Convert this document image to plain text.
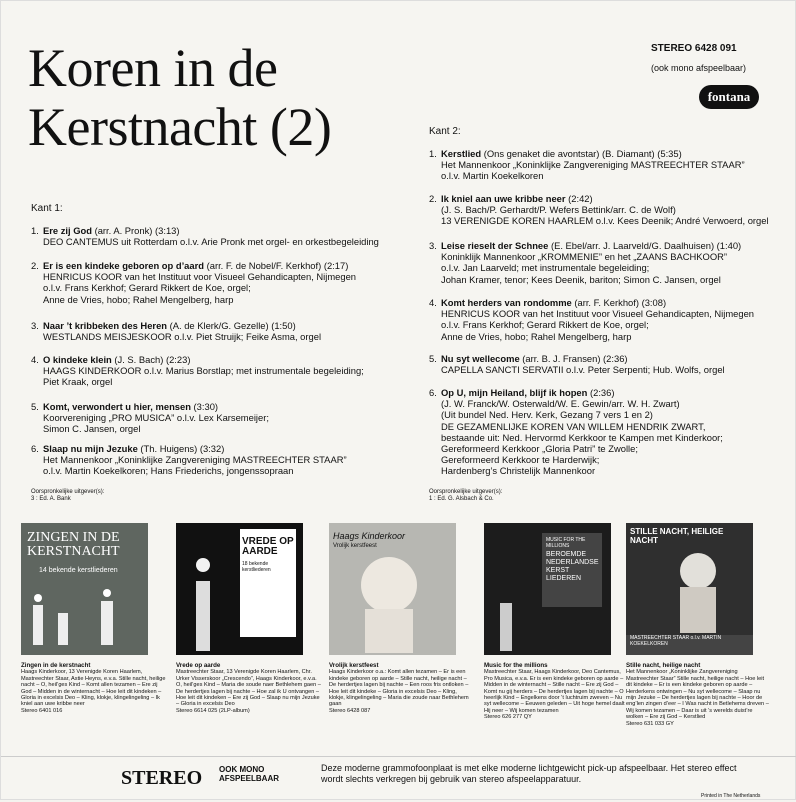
Koren in de
Kerstnacht (2)
STEREO 6428 091
(ook mono afspeelbaar)
fontana
Kant 1:
Kant 2:
1. Ere zij God (arr. A. Pronk) (3:13)
DEO CANTEMUS uit Rotterdam o.l.v. Arie Pronk met orgel- en orkestbegeleiding
2. Er is een kindeke geboren op d’aard (arr. F. de Nobel/F. Kerkhof) (2:17)
HENRICUS KOOR van het Instituut voor Visueel Gehandicapten, Nijmegen
o.l.v. Frans Kerkhof; Gerard Rikkert de Koe, orgel;
Anne de Vries, hobo; Rahel Mengelberg, harp
3. Naar ’t kribbeken des Heren (A. de Klerk/G. Gezelle) (1:50)
WESTLANDS MEISJESKOOR o.l.v. Piet Struijk; Feike Asma, orgel
4. O kindeke klein (J. S. Bach) (2:23)
HAAGS KINDERKOOR o.l.v. Marius Borstlap; met instrumentale begeleiding;
Piet Kraak, orgel
5. Komt, verwondert u hier, mensen (3:30)
Koorvereniging „PRO MUSICA” o.l.v. Lex Karsemeijer;
Simon C. Jansen, orgel
6. Slaap nu mijn Jezuke (Th. Huigens) (3:32)
Het Mannenkoor „Koninklijke Zangvereniging MASTREECHTER STAAR”
o.l.v. Martin Koekelkoren; Hans Friederichs, jongenssopraan
1. Kerstlied (Ons genaket die avontstar) (B. Diamant) (5:35)
Het Mannenkoor „Koninklijke Zangvereniging MASTREECHTER STAAR”
o.l.v. Martin Koekelkoren
2. Ik kniel aan uwe kribbe neer (2:42)
(J. S. Bach/P. Gerhardt/P. Wefers Bettink/arr. C. de Wolf)
13 VERENIGDE KOREN HAARLEM o.l.v. Kees Deenik; André Verwoerd, orgel
3. Leise rieselt der Schnee (E. Ebel/arr. J. Laarveld/G. Daalhuisen) (1:40)
Koninklijk Mannenkoor „KROMMENIE” en het „ZAANS BACHKOOR”
o.l.v. Jan Laarveld; met instrumentale begeleiding;
Johan Kramer, tenor; Kees Deenik, bariton; Simon C. Jansen, orgel
4. Komt herders van rondomme (arr. F. Kerkhof) (3:08)
HENRICUS KOOR van het Instituut voor Visueel Gehandicapten, Nijmegen
o.l.v. Frans Kerkhof; Gerard Rikkert de Koe, orgel;
Anne de Vries, hobo; Rahel Mengelberg, harp
5. Nu syt wellecome (arr. B. J. Fransen) (2:36)
CAPELLA SANCTI SERVATII o.l.v. Peter Serpenti; Hub. Wolfs, orgel
6. Op U, mijn Heiland, blijf ik hopen (2:36)
(J. W. Franck/W. Osterwald/W. E. Gewin/arr. W. H. Zwart)
(Uit bundel Ned. Herv. Kerk, Gezang 7 vers 1 en 2)
DE GEZAMENLIJKE KOREN VAN WILLEM HENDRIK ZWART,
bestaande uit: Ned. Hervormd Kerkkoor te Kampen met Kinderkoor;
Gereformeerd Kerkkoor „Gloria Patri” te Zwolle;
Gereformeerd Kerkkoor te Harderwijk;
Hardenberg’s Christelijk Mannenkoor
Oorspronkelijke uitgever(s):
3 : Ed. A. Bank
Oorspronkelijke uitgever(s):
1 : Ed. G. Alsbach & Co.
ZINGEN IN DE KERSTNACHT
14 bekende kerstliederen
VREDE OP AARDE
18 bekende kerstliederen
Haags Kinderkoor
Vrolijk kerstfeest
MUSIC FOR THE MILLIONS
BEROEMDE NEDERLANDSE KERST LIEDEREN
STILLE NACHT, HEILIGE NACHT
MASTREECHTER STAAR o.l.v. MARTIN KOEKELKOREN
Zingen in de kerstnacht
Haags Kinderkoor, 13 Verenigde Koren Haarlem, Mastreechter Staar, Astie Heyns, e.v.a. Stille nacht, heilige nacht – O, heil’ges Kind – Komt allen tezamen – Ere zij God – Midden in de winternacht – Hoe leit dit kindeken – Gloria in excelsis Deo – Kling, klokje, klingelingeling – Ik kniel aan uwe kribbe neer
Stereo 6401 016
Vrede op aarde
Mastreechter Staar, 13 Verenigde Koren Haarlem, Chr. Urker Visserskoor „Crescendo”, Haags Kinderkoor, e.v.a. O, heil’ges Kind – Maria die soude naer Bethlehem gaen – De herdertjes lagen bij nachte – Hoe zal ik U ontvangen – Hoe leit dit kindeken – Ere zij God – Slaap nu mijn Jezuke – Gloria in excelsis Deo
Stereo 6614 025 (2LP-album)
Vrolijk kerstfeest
Haags Kinderkoor o.a.: Komt allen tezamen – Er is een kindeke geboren op aarde – Stille nacht, heilige nacht – De herdertjes lagen bij nachte – Een roos fris ontloken – Hoe leit dit kindeke – Gloria in excelsis Deo – Kling, klokje, klingelingeling – Maria die zoude naar Bethlehem gaan
Stereo 6428 087
Music for the millions
Mastreechter Staar, Haags Kinderkoor, Deo Cantemus, Pro Musica, e.v.a. Er is een kindeke geboren op aarde – Midden in de winternacht – Stille nacht – Ere zij God – Komt nu gij herders – De herdertjes lagen bij nachte – O heerlijk Kind – Engelkens door ’t luchtruim zweven – Nu syt wellecome – Eeuwen geleden – Uit hoge hemel daalt Hij neer – Wij komen tezamen
Stereo 626 277 QY
Stille nacht, heilige nacht
Het Mannenkoor „Koninklijke Zangvereniging Mastreechter Staar” Stille nacht, heilige nacht – Hoe leit dit kindeke – Er is een kindeke geboren op aarde – Herderkens ontwingen – Nu syt wellecome – Slaap nu mijn Jezuke – De herdertjes lagen bij nachte – Hoor de eng’len zingen d’eer – I Was nacht in Betlehems dreven – Wij komen tezamen – Daar is uit ’s werelds duist’re wolken – Ere zij God – Kerstlied
Stereo 631 033 GY
STEREO OOK MONO
AFSPEELBAAR
Deze moderne grammofoonplaat is met elke moderne lichtgewicht pick-up afspeelbaar. Het stereo effect wordt slechts verkregen bij gebruik van stereo afspeelapparatuur.
Printed in The Netherlands
